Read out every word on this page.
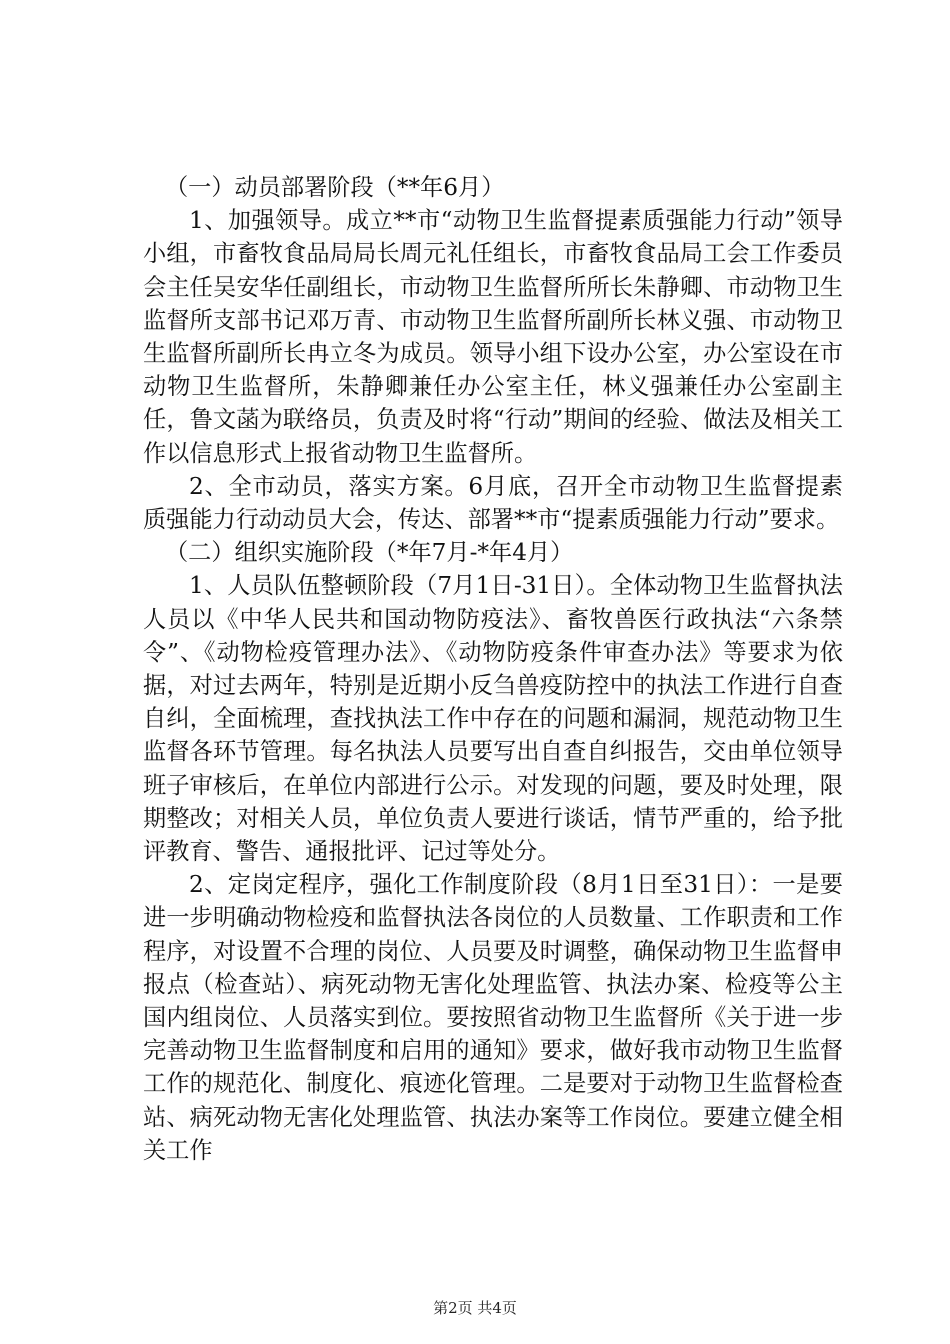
（一）动员部署阶段（**年6月）

1、加强领导。成立**市“动物卫生监督提素质强能力行动”领导小组，市畜牧食品局局长周元礼任组长，市畜牧食品局工会工作委员会主任吴安华任副组长，市动物卫生监督所所长朱静卿、市动物卫生监督所支部书记邓万青、市动物卫生监督所副所长林义强、市动物卫生监督所副所长冉立冬为成员。领导小组下设办公室，办公室设在市动物卫生监督所，朱静卿兼任办公室主任，林义强兼任办公室副主任，鲁文菡为联络员，负责及时将“行动”期间的经验、做法及相关工作以信息形式上报省动物卫生监督所。

2、全市动员，落实方案。6月底，召开全市动物卫生监督提素质强能力行动动员大会，传达、部署**市“提素质强能力行动”要求。

（二）组织实施阶段（*年7月-*年4月）

1、人员队伍整顿阶段（7月1日-31日）。全体动物卫生监督执法人员以《中华人民共和国动物防疫法》、畜牧兽医行政执法“六条禁令”、《动物检疫管理办法》、《动物防疫条件审查办法》等要求为依据，对过去两年，特别是近期小反刍兽疫防控中的执法工作进行自查自纠，全面梳理，查找执法工作中存在的问题和漏洞，规范动物卫生监督各环节管理。每名执法人员要写出自查自纠报告，交由单位领导班子审核后，在单位内部进行公示。对发现的问题，要及时处理，限期整改；对相关人员，单位负责人要进行谈话，情节严重的，给予批评教育、警告、通报批评、记过等处分。

2、定岗定程序，强化工作制度阶段（8月1日至31日）：一是要进一步明确动物检疫和监督执法各岗位的人员数量、工作职责和工作程序，对设置不合理的岗位、人员要及时调整，确保动物卫生监督申报点（检查站）、病死动物无害化处理监管、执法办案、检疫等公主国内组岗位、人员落实到位。要按照省动物卫生监督所《关于进一步完善动物卫生监督制度和启用的通知》要求，做好我市动物卫生监督工作的规范化、制度化、痕迹化管理。二是要对于动物卫生监督检查站、病死动物无害化处理监管、执法办案等工作岗位。要建立健全相关工作

第2页 共4页
